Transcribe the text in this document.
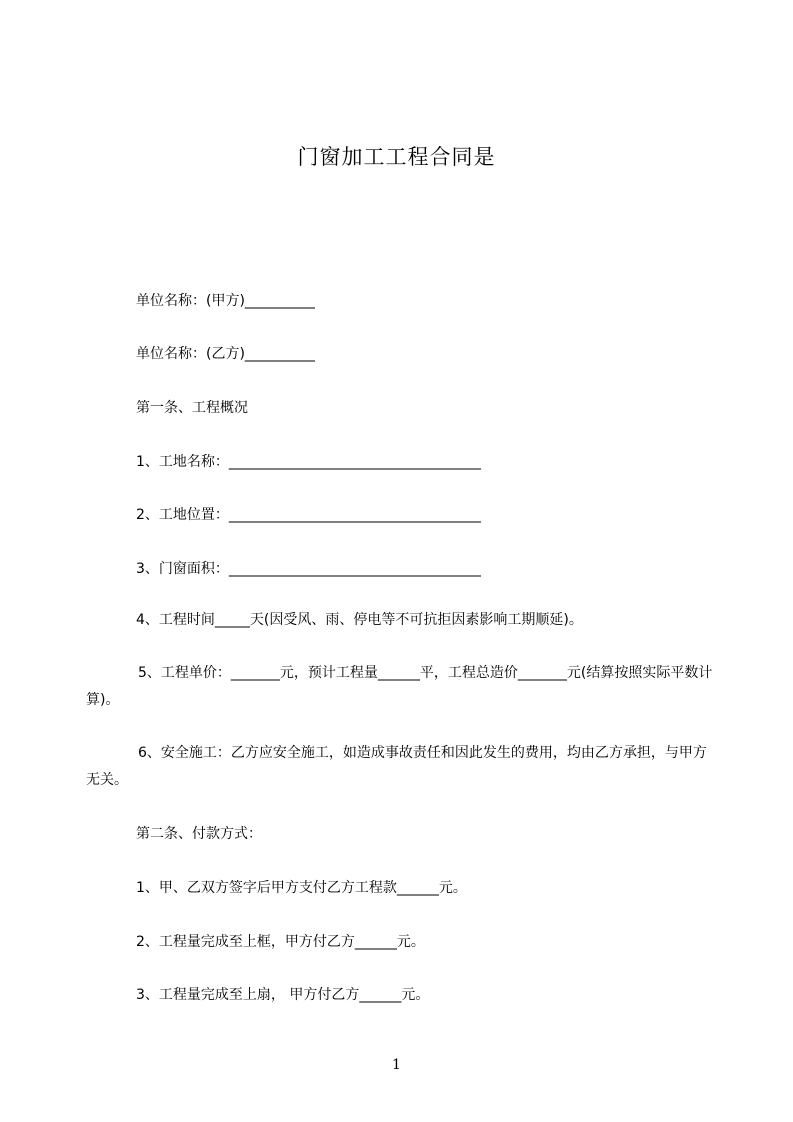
门窗加工工程合同是
单位名称：(甲方)__________
单位名称：(乙方)__________
第一条、工程概况
1、工地名称：____________________________________
2、工地位置：____________________________________
3、门窗面积：____________________________________
4、工程时间_____天(因受风、雨、停电等不可抗拒因素影响工期顺延)。
5、工程单价：_______元，预计工程量______平，工程总造价_______元(结算按照实际平数计算)。
6、安全施工：乙方应安全施工，如造成事故责任和因此发生的费用，均由乙方承担，与甲方无关。
第二条、付款方式：
1、甲、乙双方签字后甲方支付乙方工程款______元。
2、工程量完成至上框，甲方付乙方______元。
3、工程量完成至上扇， 甲方付乙方______元。
1
